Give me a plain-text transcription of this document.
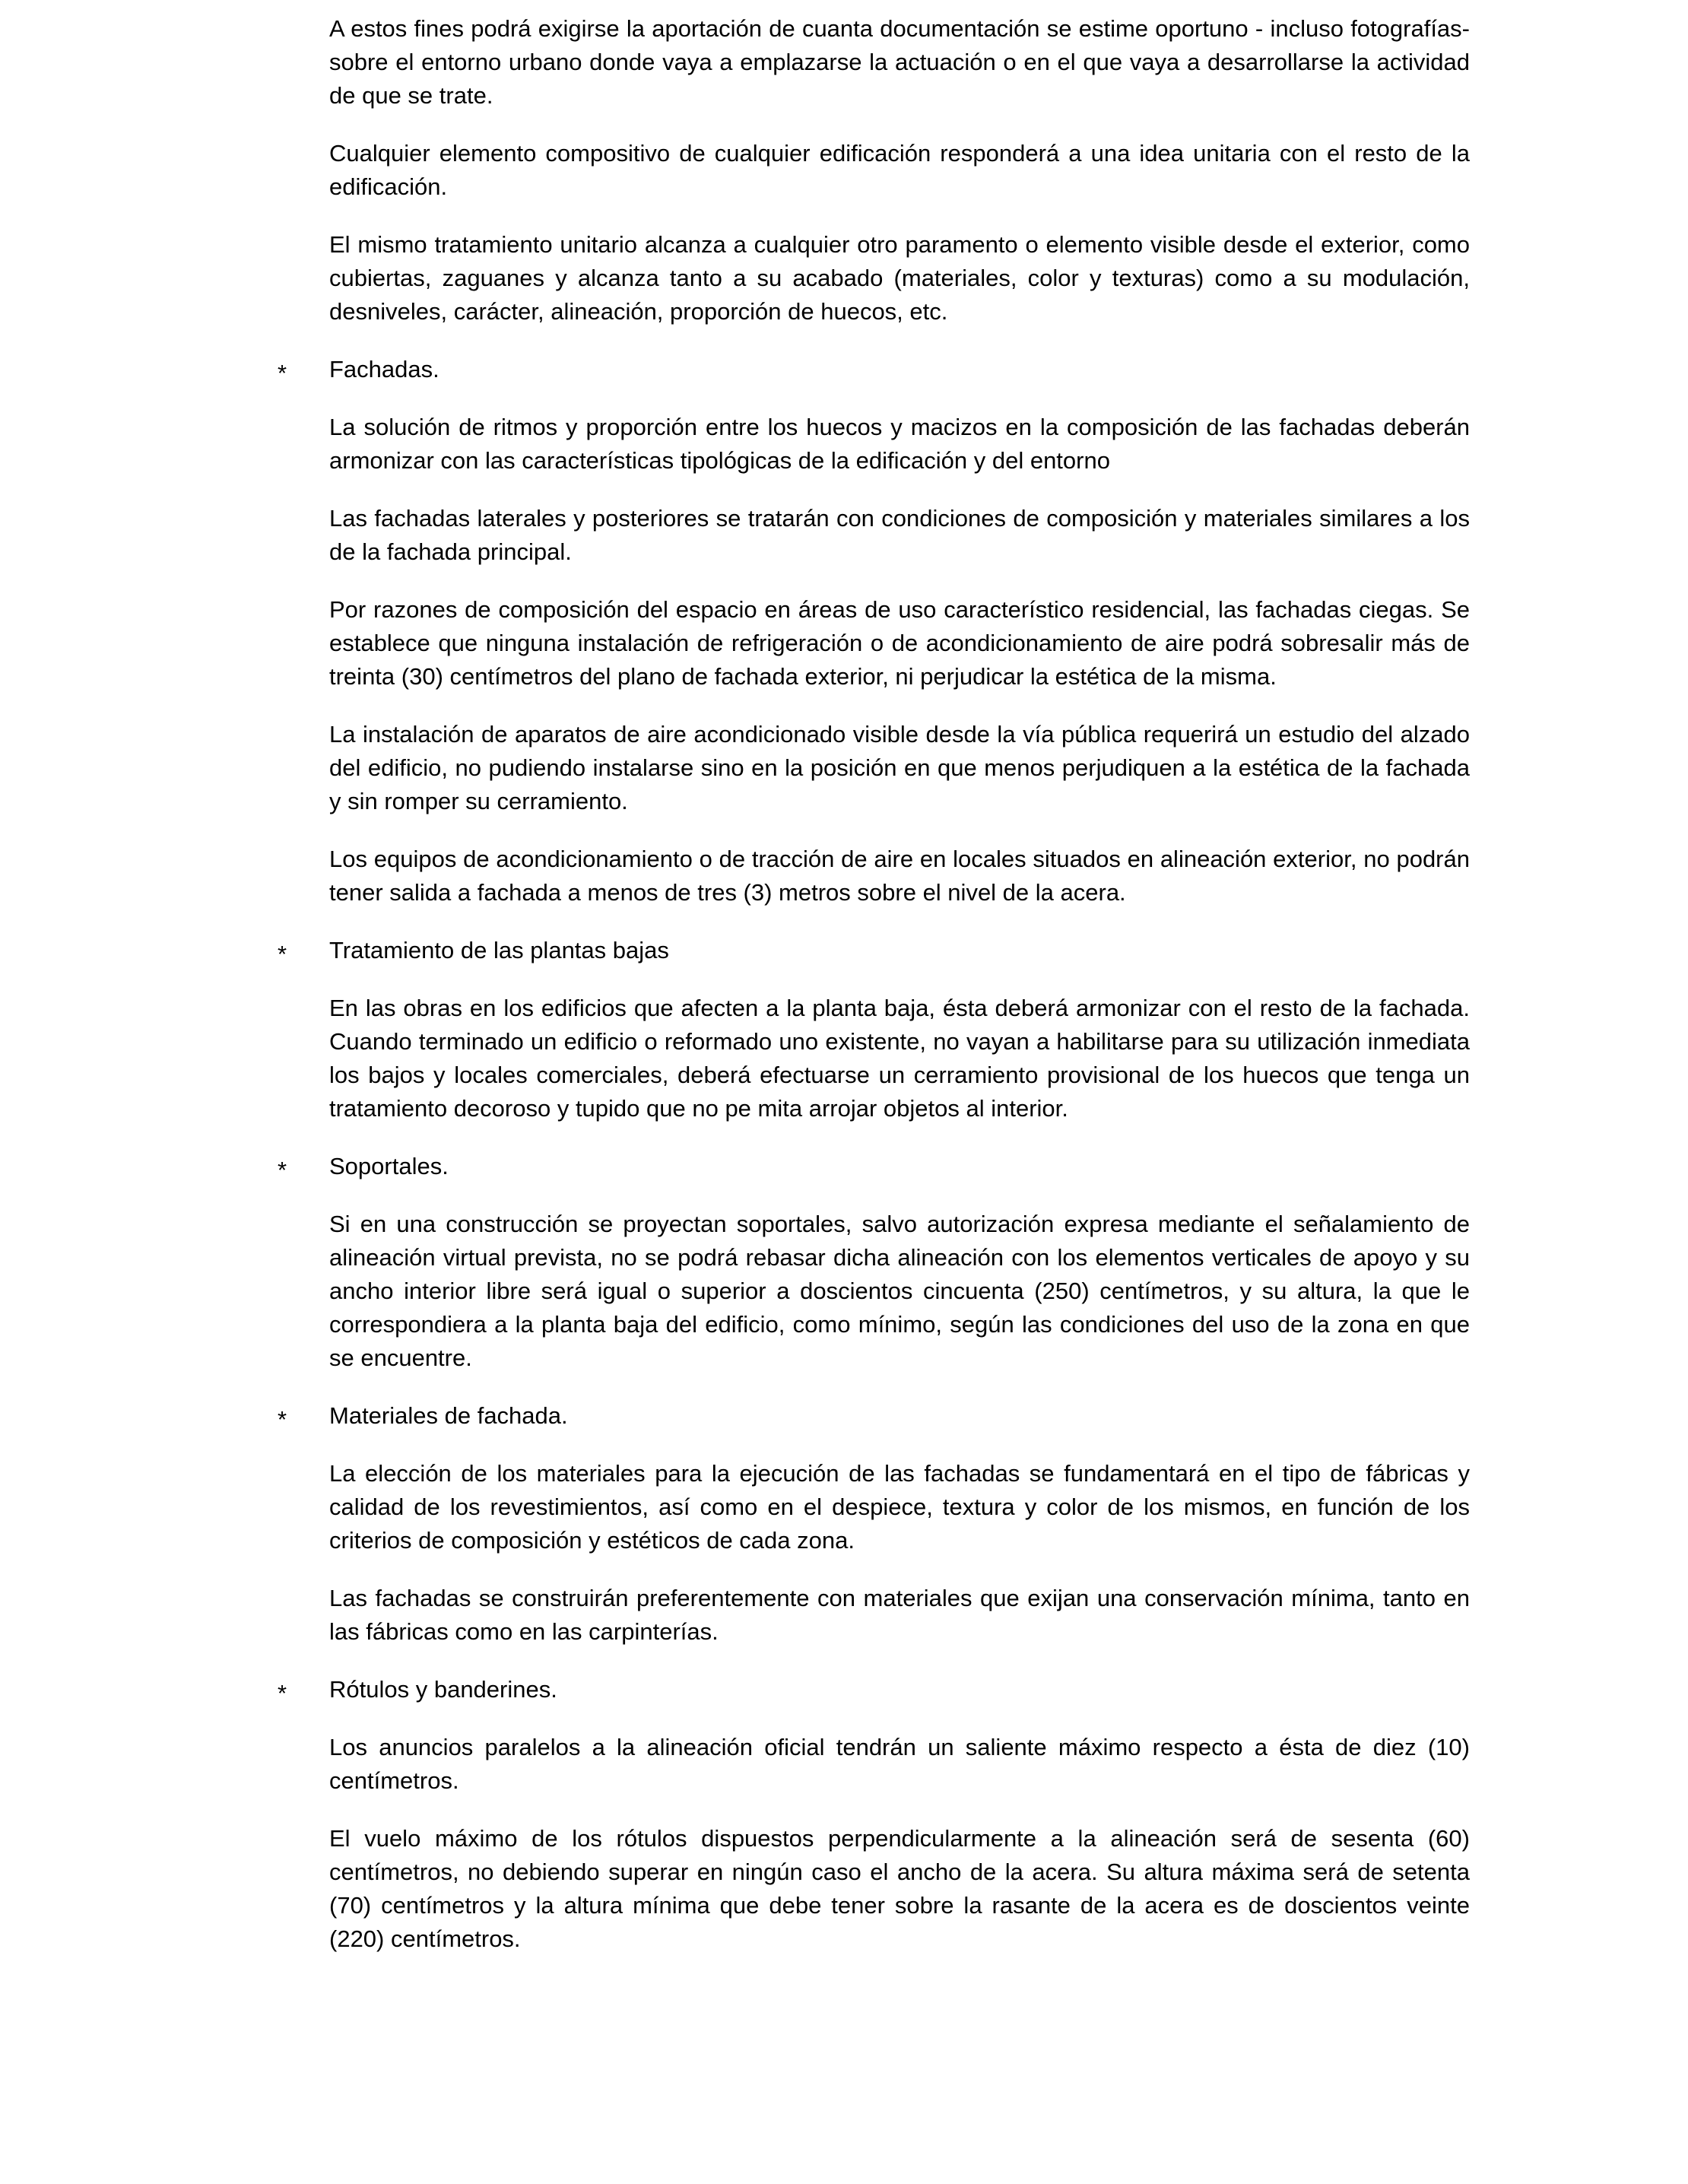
A estos fines podrá exigirse la aportación de cuanta documentación se estime oportuno - incluso fotografías- sobre el entorno urbano donde vaya a emplazarse la actuación o en el que vaya a desarrollarse la actividad de que se trate.

Cualquier elemento compositivo de cualquier edificación responderá a una idea unitaria con el resto de la edificación.

El mismo tratamiento unitario alcanza a cualquier otro paramento o elemento visible desde el exterior, como cubiertas, zaguanes y alcanza tanto a su acabado (materiales, color y texturas) como a su modulación, desniveles, carácter, alineación, proporción de huecos, etc.

* Fachadas.

La solución de ritmos y proporción entre los huecos y macizos en la composición de las fachadas deberán armonizar con las características tipológicas de la edificación y del entorno

Las fachadas laterales y posteriores se tratarán con condiciones de composición y materiales similares a los de la fachada principal.

Por razones de composición del espacio en áreas de uso característico residencial, las fachadas ciegas. Se establece que ninguna instalación de refrigeración o de acondicionamiento de aire podrá sobresalir más de treinta (30) centímetros del plano de fachada exterior, ni perjudicar la estética de la misma.

La instalación de aparatos de aire acondicionado visible desde la vía pública requerirá un estudio del alzado del edificio, no pudiendo instalarse sino en la posición en que menos perjudiquen a la estética de la fachada y sin romper su cerramiento.

Los equipos de acondicionamiento o de tracción de aire en locales situados en alineación exterior, no podrán tener salida a fachada a menos de tres (3) metros sobre el nivel de la acera.

* Tratamiento de las plantas bajas

En las obras en los edificios que afecten a la planta baja, ésta deberá armonizar con el resto de la fachada. Cuando terminado un edificio o reformado uno existente, no vayan a habilitarse para su utilización inmediata los bajos y locales comerciales, deberá efectuarse un cerramiento provisional de los huecos que tenga un tratamiento decoroso y tupido que no pe mita arrojar objetos al interior.

* Soportales.

Si en una construcción se proyectan soportales, salvo autorización expresa mediante el señalamiento de alineación virtual prevista, no se podrá rebasar dicha alineación con los elementos verticales de apoyo y su ancho interior libre será igual o superior a doscientos cincuenta (250) centímetros, y su altura, la que le correspondiera a la planta baja del edificio, como mínimo, según las condiciones del uso de la zona en que se encuentre.

* Materiales de fachada.

La elección de los materiales para la ejecución de las fachadas se fundamentará en el tipo de fábricas y calidad de los revestimientos, así como en el despiece, textura y color de los mismos, en función de los criterios de composición y estéticos de cada zona.

Las fachadas se construirán preferentemente con materiales que exijan una conservación mínima, tanto en las fábricas como en las carpinterías.

* Rótulos y banderines.

Los anuncios paralelos a la alineación oficial tendrán un saliente máximo respecto a ésta de diez (10) centímetros.

El vuelo máximo de los rótulos dispuestos perpendicularmente a la alineación será de sesenta (60) centímetros, no debiendo superar en ningún caso el ancho de la acera. Su altura máxima será de setenta (70) centímetros y la altura mínima que debe tener sobre la rasante de la acera es de doscientos veinte (220) centímetros.
